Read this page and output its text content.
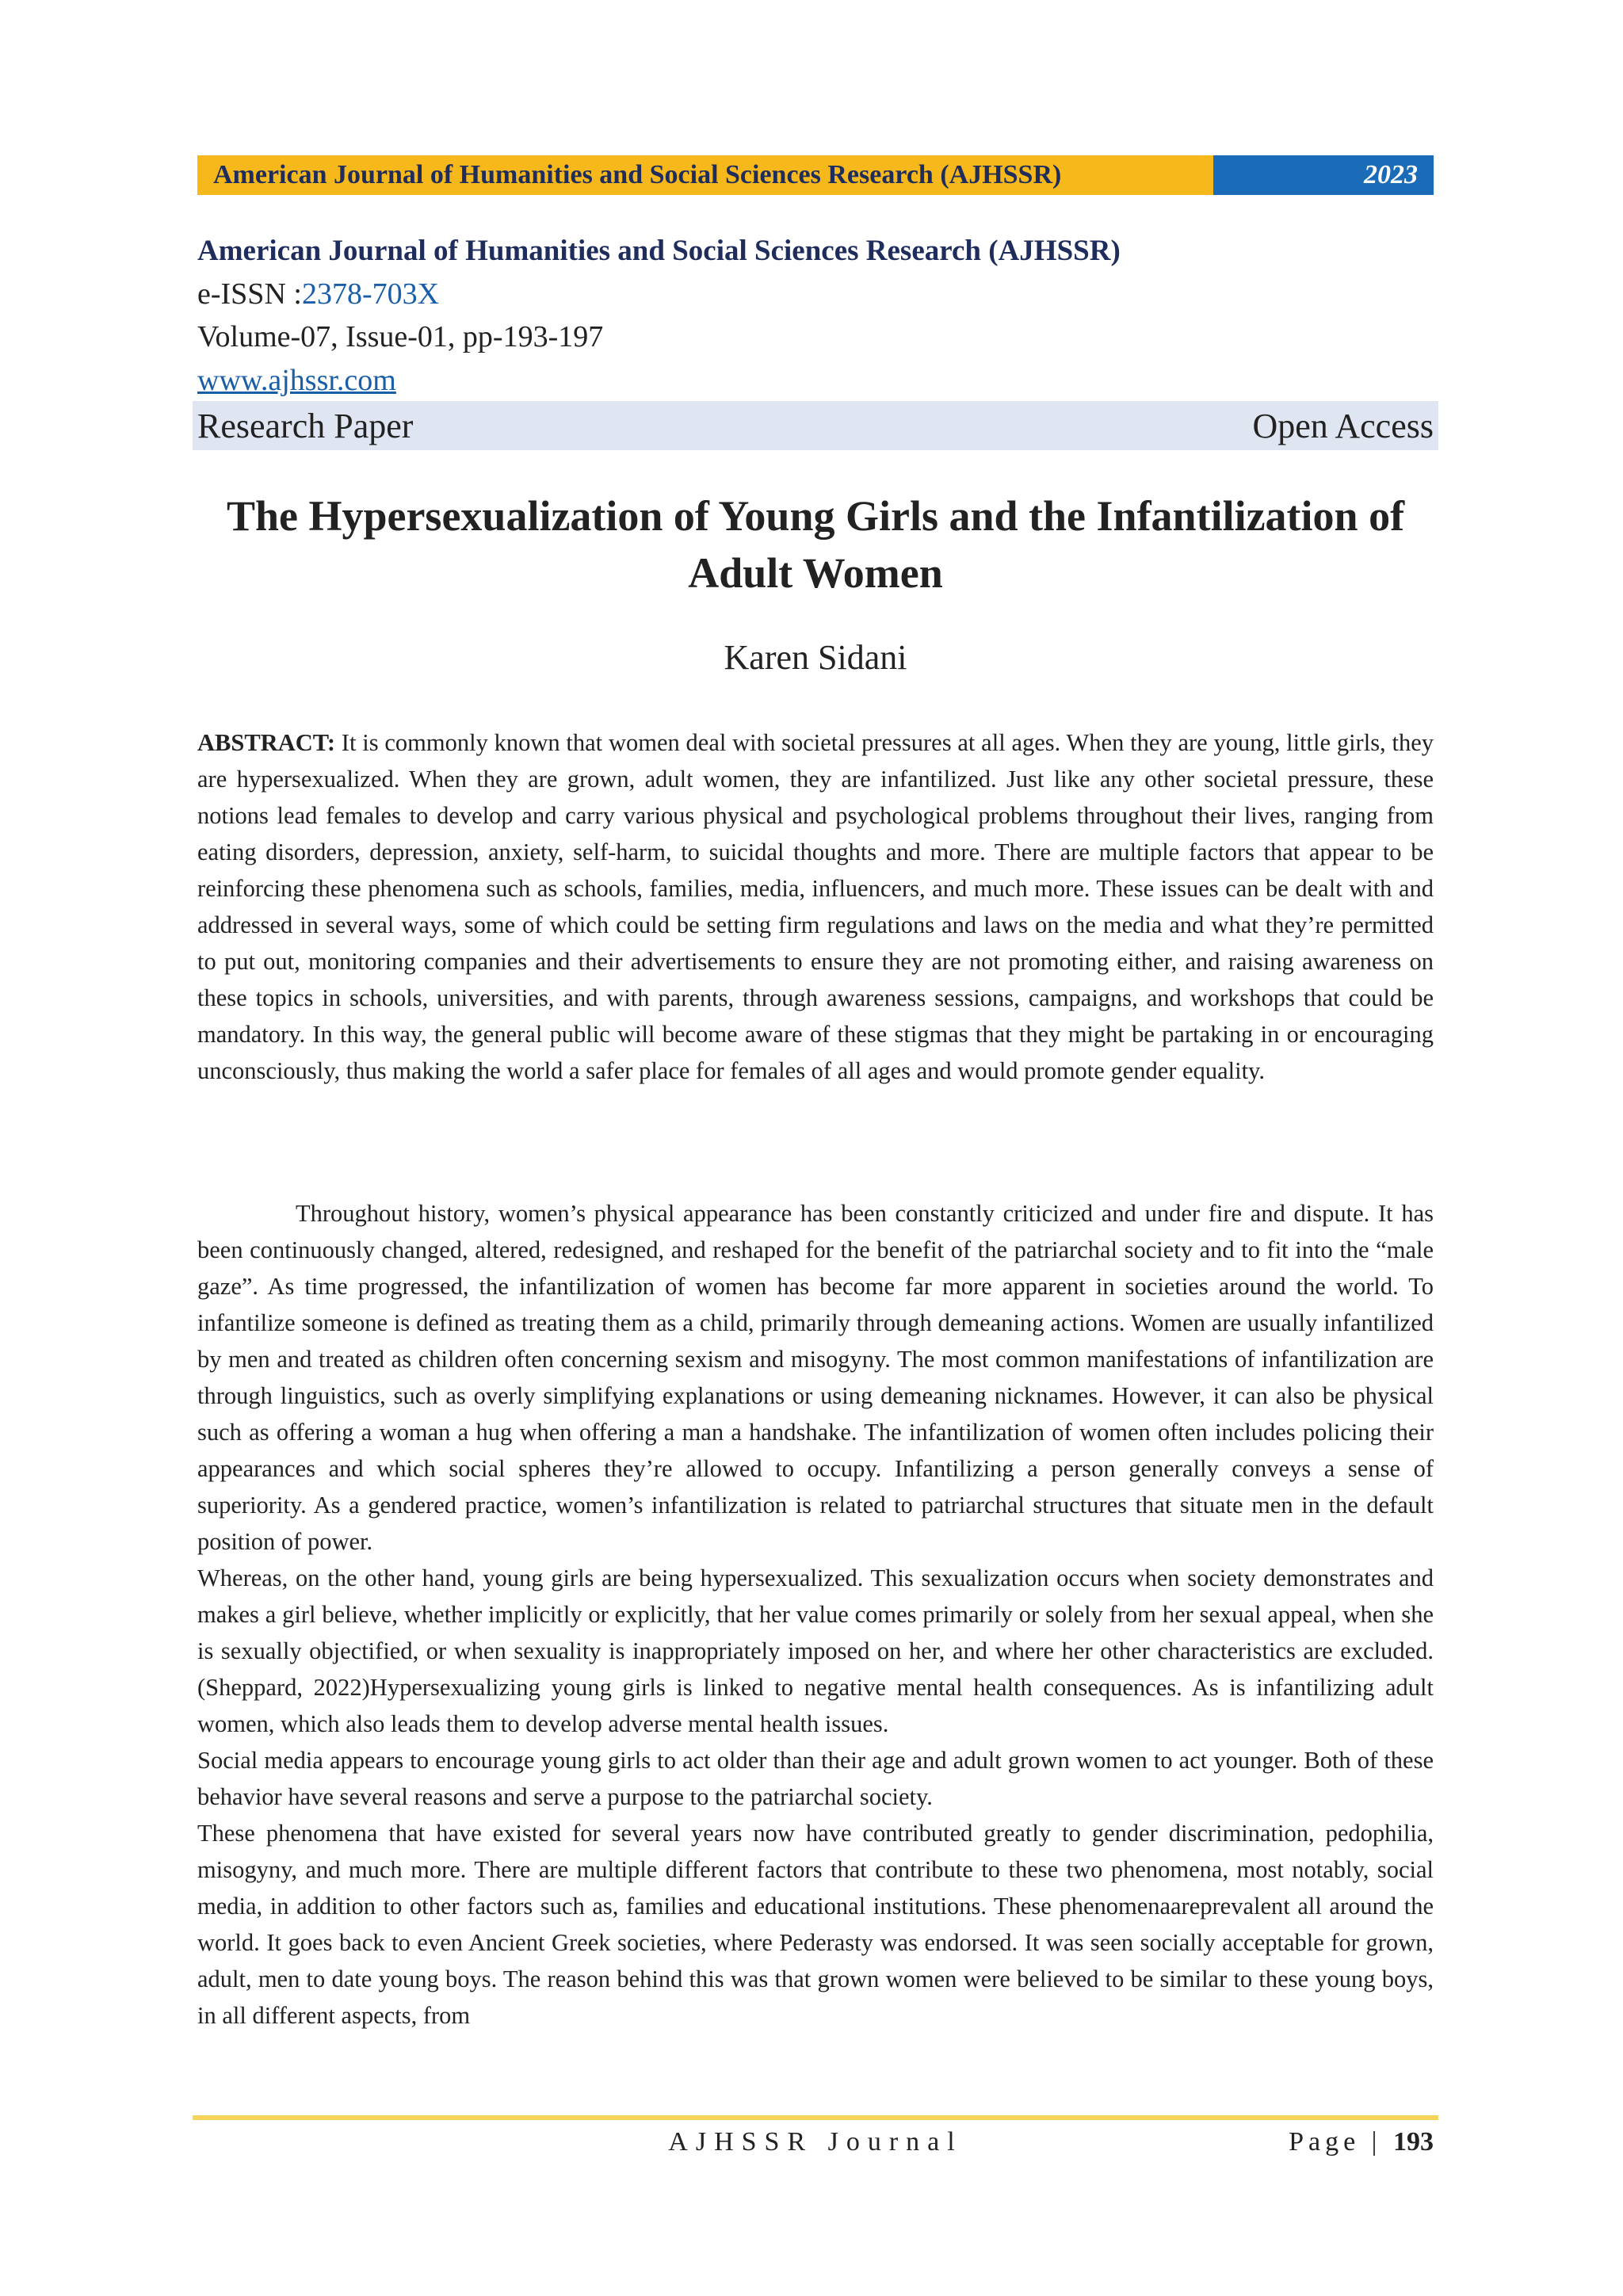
American Journal of Humanities and Social Sciences Research (AJHSSR)	2023
American Journal of Humanities and Social Sciences Research (AJHSSR)
e-ISSN :2378-703X
Volume-07, Issue-01, pp-193-197
www.ajhssr.com
Research Paper	Open Access
The Hypersexualization of Young Girls and the Infantilization of
Adult Women
Karen Sidani
ABSTRACT: It is commonly known that women deal with societal pressures at all ages. When they are young, little girls, they are hypersexualized. When they are grown, adult women, they are infantilized. Just like any other societal pressure, these notions lead females to develop and carry various physical and psychological problems throughout their lives, ranging from eating disorders, depression, anxiety, self-harm, to suicidal thoughts and more. There are multiple factors that appear to be reinforcing these phenomena such as schools, families, media, influencers, and much more. These issues can be dealt with and addressed in several ways, some of which could be setting firm regulations and laws on the media and what they’re permitted to put out, monitoring companies and their advertisements to ensure they are not promoting either, and raising awareness on these topics in schools, universities, and with parents, through awareness sessions, campaigns, and workshops that could be mandatory. In this way, the general public will become aware of these stigmas that they might be partaking in or encouraging unconsciously, thus making the world a safer place for females of all ages and would promote gender equality.

Throughout history, women’s physical appearance has been constantly criticized and under fire and dispute. It has been continuously changed, altered, redesigned, and reshaped for the benefit of the patriarchal society and to fit into the “male gaze”. As time progressed, the infantilization of women has become far more apparent in societies around the world. To infantilize someone is defined as treating them as a child, primarily through demeaning actions. Women are usually infantilized by men and treated as children often concerning sexism and misogyny. The most common manifestations of infantilization are through linguistics, such as overly simplifying explanations or using demeaning nicknames. However, it can also be physical such as offering a woman a hug when offering a man a handshake. The infantilization of women often includes policing their appearances and which social spheres they’re allowed to occupy. Infantilizing a person generally conveys a sense of superiority. As a gendered practice, women’s infantilization is related to patriarchal structures that situate men in the default position of power.

Whereas, on the other hand, young girls are being hypersexualized. This sexualization occurs when society demonstrates and makes a girl believe, whether implicitly or explicitly, that her value comes primarily or solely from her sexual appeal, when she is sexually objectified, or when sexuality is inappropriately imposed on her, and where her other characteristics are excluded. (Sheppard, 2022)Hypersexualizing young girls is linked to negative mental health consequences. As is infantilizing adult women, which also leads them to develop adverse mental health issues.

Social media appears to encourage young girls to act older than their age and adult grown women to act younger. Both of these behavior have several reasons and serve a purpose to the patriarchal society.

These phenomena that have existed for several years now have contributed greatly to gender discrimination, pedophilia, misogyny, and much more. There are multiple different factors that contribute to these two phenomena, most notably, social media, in addition to other factors such as, families and educational institutions. These phenomenaareprevalent all around the world. It goes back to even Ancient Greek societies, where Pederasty was endorsed. It was seen socially acceptable for grown, adult, men to date young boys. The reason behind this was that grown women were believed to be similar to these young boys, in all different aspects, from

AJHSSR Journal	Page | 193
